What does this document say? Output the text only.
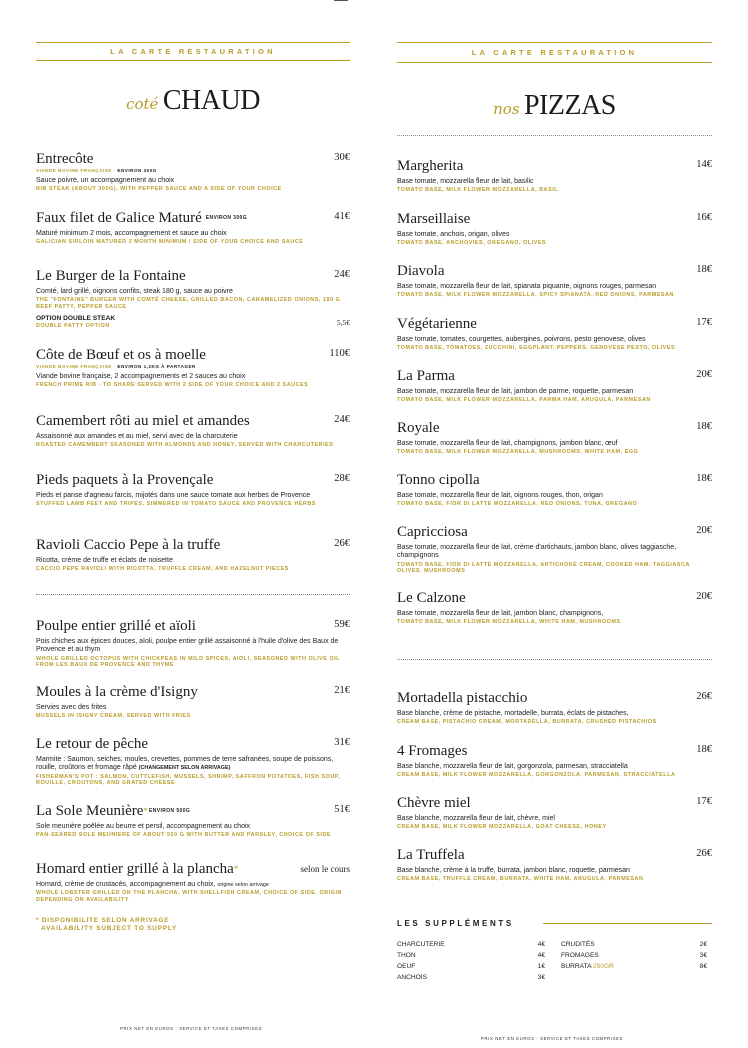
LA CARTE RESTAURATION
coté CHAUD
Entrecôte	30€
VIANDE BOVINE FRANÇAISE · ENVIRON 300G
Sauce poivre, un accompagnement au choix
RIB STEAK (ABOUT 300G), WITH PEPPER SAUCE AND A SIDE OF YOUR CHOICE
Faux filet de Galice Maturé ENVIRON 300G	41€
Maturé minimum 2 mois, accompagnement et sauce au choix
GALICIAN SIRLOIN MATURED 2 MONTH MINIMUM / SIDE OF YOUR CHOICE AND SAUCE
Le Burger de la Fontaine	24€
Comté, lard grillé, oignons confits, steak 180 g, sauce au poivre
THE "FONTAINE" BURGER WITH COMTÉ CHEESE, GRILLED BACON, CARAMELIZED ONIONS, 180 G BEEF PATTY, PEPPER SAUCE
OPTION DOUBLE STEAK	5,5€
DOUBLE PATTY OPTION
Côte de Bœuf et os à moelle	110€
VIANDE BOVINE FRANÇAISE · ENVIRON 1,2KG À PARTAGER
Viande bovine française, 2 accompagnements et 2 sauces au choix
FRENCH PRIME RIB - TO SHARE SERVED WITH 2 SIDE OF YOUR CHOICE AND 2 SAUCES
Camembert rôti au miel et amandes	24€
Assaisonné aux amandes et au miel, servi avec de la charcuterie
ROASTED CAMEMBERT SEASONED WITH ALMONDS AND HONEY, SERVED WITH CHARCUTERIES
Pieds paquets à la Provençale	28€
Pieds et panse d'agneau farcis, mijotés dans une sauce tomate aux herbes de Provence
STUFFED LAMB FEET AND TRIPES, SIMMERED IN TOMATO SAUCE AND PROVENCE HERBS
Ravioli Caccio Pepe à la truffe	26€
Ricotta, crème de truffe et éclats de noisette
CACCIO PEPE RAVIOLI WITH RICOTTA, TRUFFLE CREAM, AND HAZELNUT PIECES
Poulpe entier grillé et aïoli	59€
Pois chiches aux épices douces, aïoli, poulpe entier grillé assaisonné à l'huile d'olive des Baux de Provence et au thym
WHOLE GRILLED OCTOPUS WITH CHICKPEAS IN MILD SPICES, AIOLI, SEASONED WITH OLIVE OIL FROM LES BAUX DE PROVENCE AND THYME
Moules à la crème d'Isigny	21€
Servies avec des frites
MUSSELS IN ISIGNY CREAM, SERVED WITH FRIES
Le retour de pêche	31€
Marmite : Saumon, seiches, moules, crevettes, pommes de terre safranées, soupe de poissons, rouille, croûtons et fromage râpé (CHANGEMENT SELON ARRIVAGE)
FISHERMAN'S POT : SALMON, CUTTLEFISH, MUSSELS, SHRIMP, SAFFRON POTATOES, FISH SOUP, ROUILLE, CROUTONS, AND GRATED CHEESE
La Sole Meunière*ENVIRON 500G	51€
Sole meunière poêlée au beurre et persil, accompagnement au choix
PAN-SEARED SOLE MEUNIERE OF ABOUT 500 G WITH BUTTER AND PARSLEY, CHOICE OF SIDE
Homard entier grillé à la plancha*	selon le cours
Homard, crème de crustacés, accompagnement au choix, origine selon arrivage
WHOLE LOBSTER GRILLED ON THE PLANCHA, WITH SHELLFISH CREAM, CHOICE OF SIDE. ORIGIN DEPENDING ON AVAILABILITY
* DISPONIBILITE SELON ARRIVAGE
AVAILABILITY SUBJECT TO SUPPLY
PRIX NET EN EUROS - SERVICE ET TAXES COMPRISES
LA CARTE RESTAURATION
nos PIZZAS
Margherita	14€
Base tomate, mozzarella fleur de lait, basilic
TOMATO BASE, MILK FLOWER MOZZARELLA, BASIL
Marseillaise	16€
Base tomate, anchois, origan, olives
TOMATO BASE, ANCHOVIES, OREGANO, OLIVES
Diavola	18€
Base tomate, mozzarella fleur de lait, spianata piquante, oignons rouges, parmesan
TOMATO BASE, MILK FLOWER MOZZARELLA, SPICY SPIANATA, RED ONIONS, PARMESAN
Végétarienne	17€
Base tomate, tomates, courgettes, aubergines, poivrons, pesto genovese, olives
TOMATO BASE, TOMATOES, ZUCCHINI, EGGPLANT, PEPPERS, GENOVESE PESTO, OLIVES
La Parma	20€
Base tomate, mozzarella fleur de lait, jambon de parme, roquette, parmesan
TOMATO BASE, MILK FLOWER MOZZARELLA, PARMA HAM, ARUGULA, PARMESAN
Royale	18€
Base tomate, mozzarella fleur de lait, champignons, jambon blanc, œuf
TOMATO BASE, MILK FLOWER MOZZARELLA, MUSHROOMS, WHITE HAM, EGG
Tonno cipolla	18€
Base tomate, mozzarella fleur de lait, oignons rouges, thon, origan
TOMATO BASE, FIOR DI LATTE MOZZARELLA, RED ONIONS, TUNA, OREGANO
Capricciosa	20€
Base tomate, mozzarella fleur de lait, crème d'artichauts, jambon blanc, olives taggiasche, champignons
TOMATO BASE, FIOR DI LATTE MOZZARELLA, ARTICHOKE CREAM, COOKED HAM, TAGGIASCA OLIVES, MUSHROOMS
Le Calzone	20€
Base tomate, mozzarella fleur de lait, jambon blanc, champignons,
TOMATO BASE, MILK FLOWER MOZZARELLA, WHITE HAM, MUSHROOMS
Mortadella pistacchio	26€
Base blanche, crème de pistache, mortadelle, burrata, éclats de pistaches,
CREAM BASE, PISTACHIO CREAM, MORTADELLA, BURRATA, CRUSHED PISTACHIOS
4 Fromages	18€
Base blanche, mozzarella fleur de lait, gorgonzola, parmesan, stracciatella
CREAM BASE, MILK FLOWER MOZZARELLA, GORGONZOLA, PARMESAN, STRACCIATELLA
Chèvre miel	17€
Base blanche, mozzarella fleur de lait, chèvre, miel
CREAM BASE, MILK FLOWER MOZZARELLA, GOAT CHEESE, HONEY
La Truffela	26€
Base blanche, crème à la truffe, burrata, jambon blanc, roquette, parmesan
CREAM BASE, TRUFFLE CREAM, BURRATA, WHITE HAM, ARUGULA, PARMESAN
LES SUPPLÉMENTS
CHARCUTERIE	4€
THON	4€
OEUF	1€
ANCHOIS	3€
CRUDITÉS	2€
FROMAGES	3€
BURRATA 250GR	8€
PRIX NET EN EUROS - SERVICE ET TAXES COMPRISES
